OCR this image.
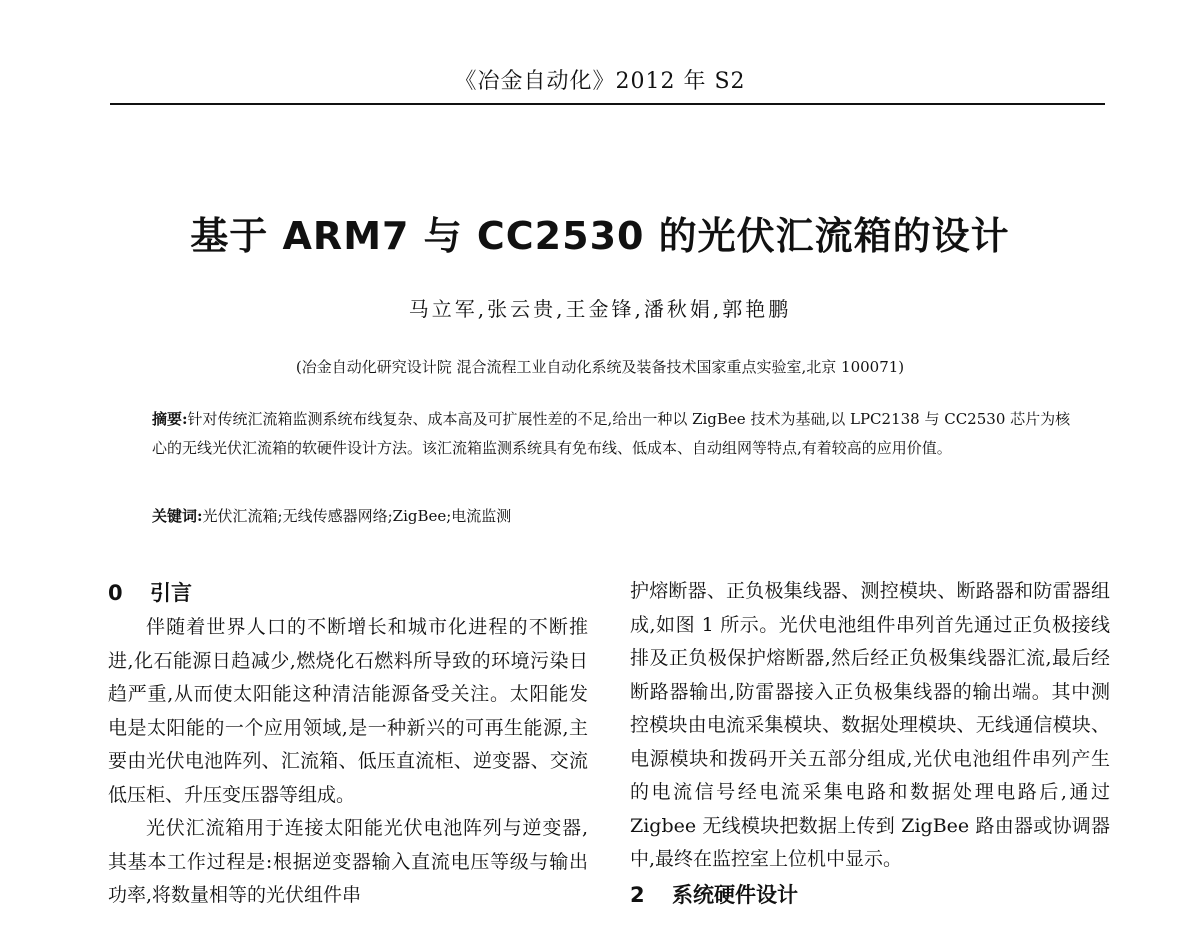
《冶金自动化》2012 年 S2
基于 ARM7 与 CC2530 的光伏汇流箱的设计
马立军,张云贵,王金锋,潘秋娟,郭艳鹏
(冶金自动化研究设计院 混合流程工业自动化系统及装备技术国家重点实验室,北京 100071)
摘要:针对传统汇流箱监测系统布线复杂、成本高及可扩展性差的不足,给出一种以 ZigBee 技术为基础,以 LPC2138 与 CC2530 芯片为核心的无线光伏汇流箱的软硬件设计方法。该汇流箱监测系统具有免布线、低成本、自动组网等特点,有着较高的应用价值。
关键词:光伏汇流箱;无线传感器网络;ZigBee;电流监测
0 引言

伴随着世界人口的不断增长和城市化进程的不断推进,化石能源日趋减少,燃烧化石燃料所导致的环境污染日趋严重,从而使太阳能这种清洁能源备受关注。太阳能发电是太阳能的一个应用领域,是一种新兴的可再生能源,主要由光伏电池阵列、汇流箱、低压直流柜、逆变器、交流低压柜、升压变压器等组成。

光伏汇流箱用于连接太阳能光伏电池阵列与逆变器,其基本工作过程是:根据逆变器输入直流电压等级与输出功率,将数量相等的光伏组件串

护熔断器、正负极集线器、测控模块、断路器和防雷器组成,如图 1 所示。光伏电池组件串列首先通过正负极接线排及正负极保护熔断器,然后经正负极集线器汇流,最后经断路器输出,防雷器接入正负极集线器的输出端。其中测控模块由电流采集模块、数据处理模块、无线通信模块、电源模块和拨码开关五部分组成,光伏电池组件串列产生的电流信号经电流采集电路和数据处理电路后,通过 Zigbee 无线模块把数据上传到 ZigBee 路由器或协调器中,最终在监控室上位机中显示。

2 系统硬件设计
